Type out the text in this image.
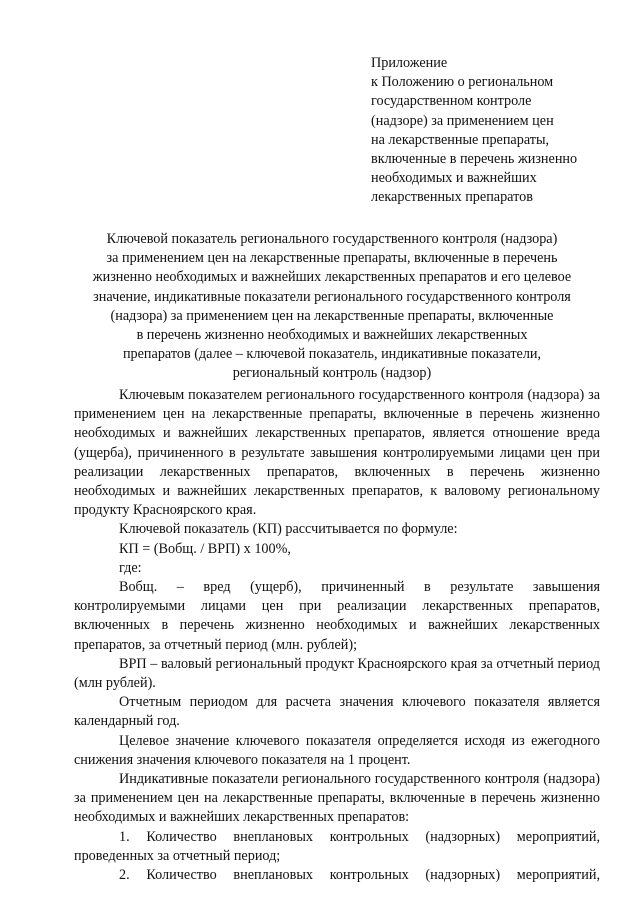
Приложение
к Положению о региональном
государственном контроле
(надзоре) за применением цен
на лекарственные препараты,
включенные в перечень жизненно
необходимых и важнейших
лекарственных препаратов
Ключевой показатель регионального государственного контроля (надзора)
за применением цен на лекарственные препараты, включенные в перечень
жизненно необходимых и важнейших лекарственных препаратов и его целевое
значение, индикативные показатели регионального государственного контроля
(надзора) за применением цен на лекарственные препараты, включенные
в перечень жизненно необходимых и важнейших лекарственных
препаратов (далее – ключевой показатель, индикативные показатели,
региональный контроль (надзор)

Ключевым показателем регионального государственного контроля (надзора) за применением цен на лекарственные препараты, включенные в перечень жизненно необходимых и важнейших лекарственных препаратов, является отношение вреда (ущерба), причиненного в результате завышения контролируемыми лицами цен при реализации лекарственных препаратов, включенных в перечень жизненно необходимых и важнейших лекарственных препаратов, к валовому региональному продукту Красноярского края.

Ключевой показатель (КП) рассчитывается по формуле:

КП = (Вобщ. / ВРП) х 100%,

где:

Вобщ. – вред (ущерб), причиненный в результате завышения контролируемыми лицами цен при реализации лекарственных препаратов, включенных в перечень жизненно необходимых и важнейших лекарственных препаратов, за отчетный период (млн. рублей);

ВРП – валовый региональный продукт Красноярского края за отчетный период (млн рублей).

Отчетным периодом для расчета значения ключевого показателя является календарный год.

Целевое значение ключевого показателя определяется исходя из ежегодного снижения значения ключевого показателя на 1 процент.

Индикативные показатели регионального государственного контроля (надзора) за применением цен на лекарственные препараты, включенные в перечень жизненно необходимых и важнейших лекарственных препаратов:

1. Количество внеплановых контрольных (надзорных) мероприятий, проведенных за отчетный период;

2. Количество внеплановых контрольных (надзорных) мероприятий,
